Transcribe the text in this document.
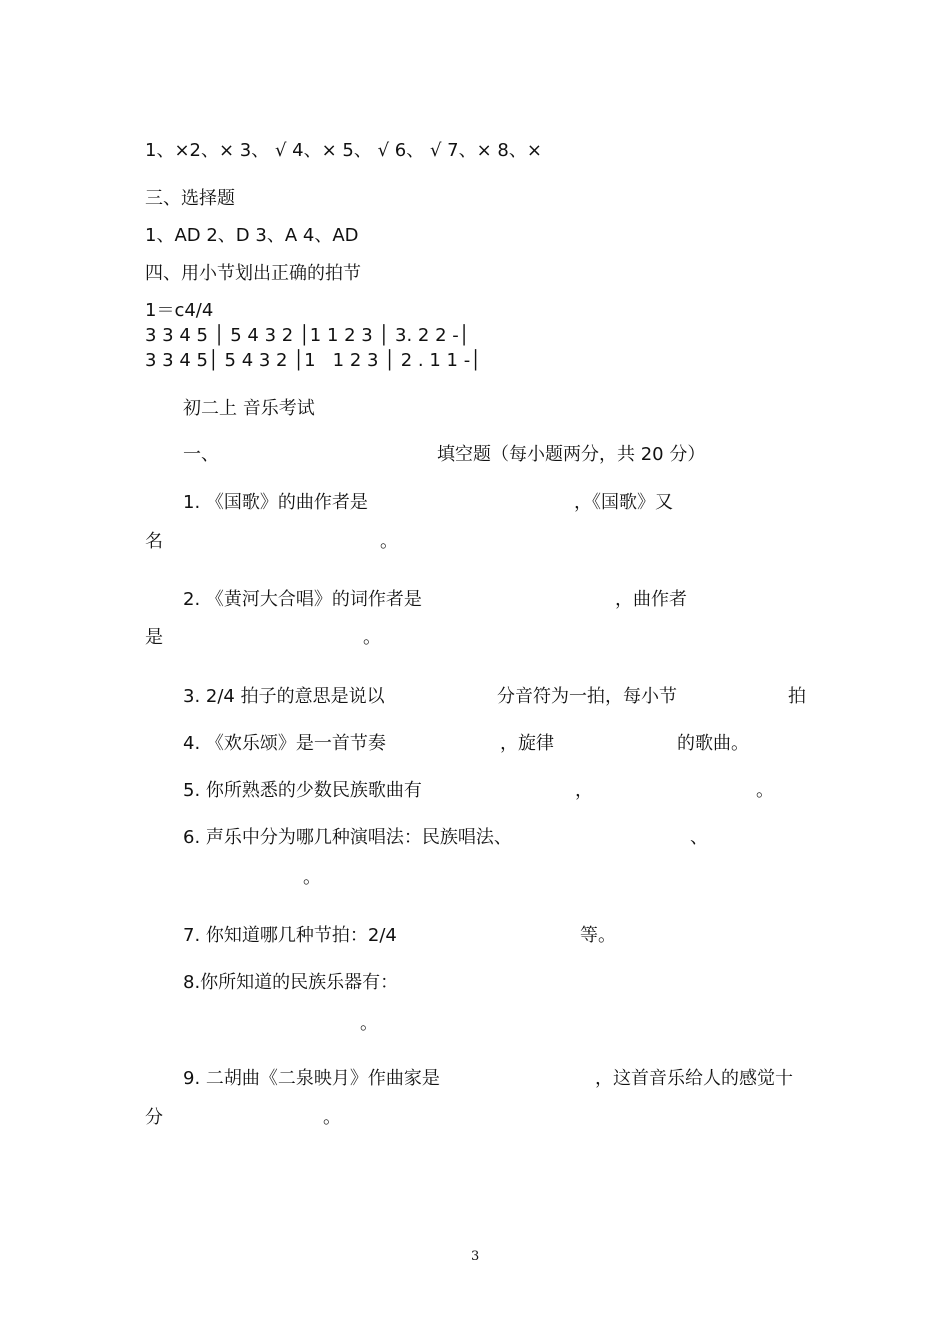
1、×2、× 3、 √ 4、× 5、 √ 6、 √ 7、× 8、×
三、选择题
1、AD 2、D 3、A 4、AD
四、用小节划出正确的拍节
1＝c4/4
3 3 4 5 │ 5 4 3 2 │1 1 2 3 │ 3. 2 2 -│
3 3 4 5│ 5 4 3 2 │1   1 2 3 │ 2 . 1 1 -│
初二上 音乐考试
一、	填空题（每小题两分，共 20 分）
1. 《国歌》的曲作者是	，《国歌》又
名	。
2. 《黄河大合唱》的词作者是	，曲作者
是	。
3. 2/4 拍子的意思是说以	分音符为一拍，每小节	拍
4. 《欢乐颂》是一首节奏	，旋律	的歌曲。
5. 你所熟悉的少数民族歌曲有	，	。
6. 声乐中分为哪几种演唱法：民族唱法、	、
。
7. 你知道哪几种节拍：2/4	等。
8.你所知道的民族乐器有：
。
9. 二胡曲《二泉映月》作曲家是	，这首音乐给人的感觉十
分	。
3
